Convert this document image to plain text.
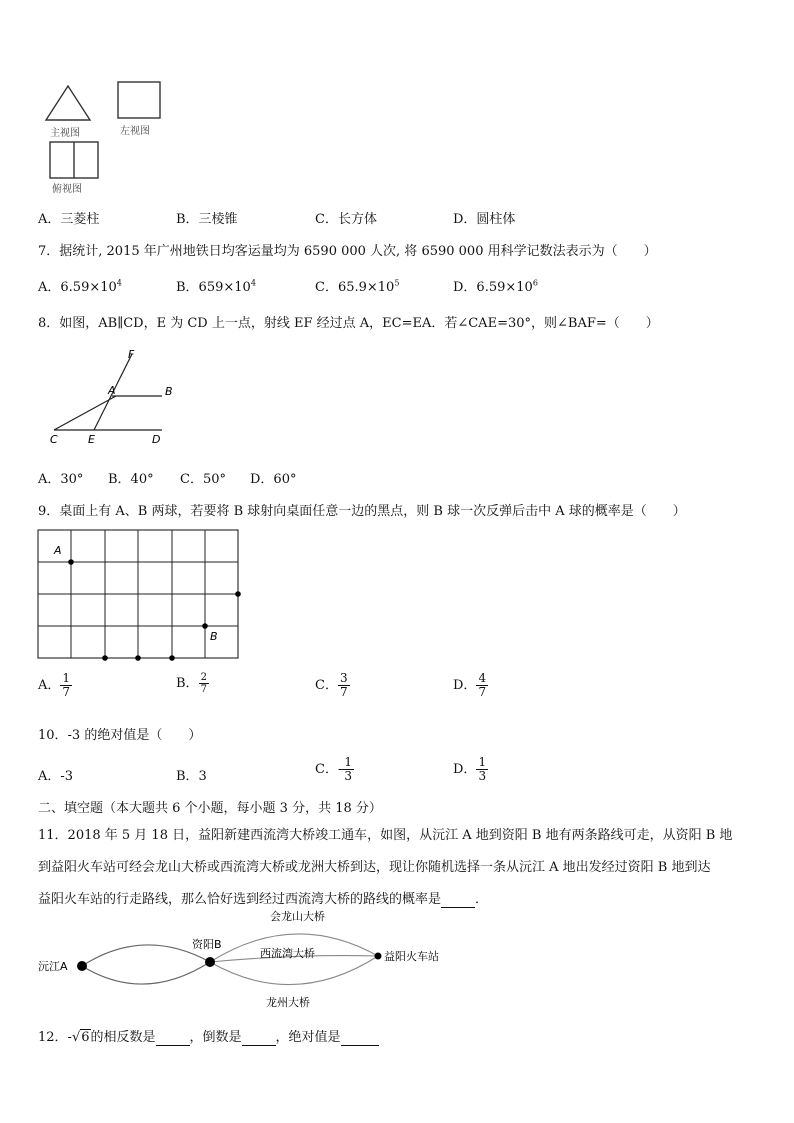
主视图	左视图
俯视图
A．三菱柱	B．三棱锥	C．长方体	D．圆柱体
7．据统计, 2015 年广州地铁日均客运量均为 6590 000 人次, 将 6590 000 用科学记数法表示为（　　）
A．$6.59\times 10^4$	B．$659\times 10^4$	C．$65.9\times 10^5$	D．$6.59\times 10^6$
8．如图，AB∥CD，E 为 CD 上一点，射线 EF 经过点 A，EC=EA．若∠CAE=30°，则∠BAF=（　　）
F
A	B
C	E	D
A．30° B．40° C．50° D．60°
9．桌面上有 A、B 两球，若要将 B 球射向桌面任意一边的黑点，则 B 球一次反弹后击中 A 球的概率是（　　）
A
B
A． $\frac{1}{7}$	B． $\frac{2}{7}$	C． $\frac{3}{7}$	D． $\frac{4}{7}$
10．-3 的绝对值是（　　）
A．-3	B．3	C．- $\frac{1}{3}$	D． $\frac{1}{3}$
二、填空题（本大题共 6 个小题，每小题 3 分，共 18 分）
11．2018 年 5 月 18 日，益阳新建西流湾大桥竣工通车，如图，从沅江 A 地到资阳 B 地有两条路线可走，从资阳 B 地
到益阳火车站可经会龙山大桥或西流湾大桥或龙洲大桥到达，现让你随机选择一条从沅江 A 地出发经过资阳 B 地到达
益阳火车站的行走路线，那么恰好选到经过西流湾大桥的路线的概率是	．
沅江A
资阳B
益阳火车站
会龙山大桥
西流湾大桥
龙州大桥
12．-√6的相反数是	，倒数是	，绝对值是
